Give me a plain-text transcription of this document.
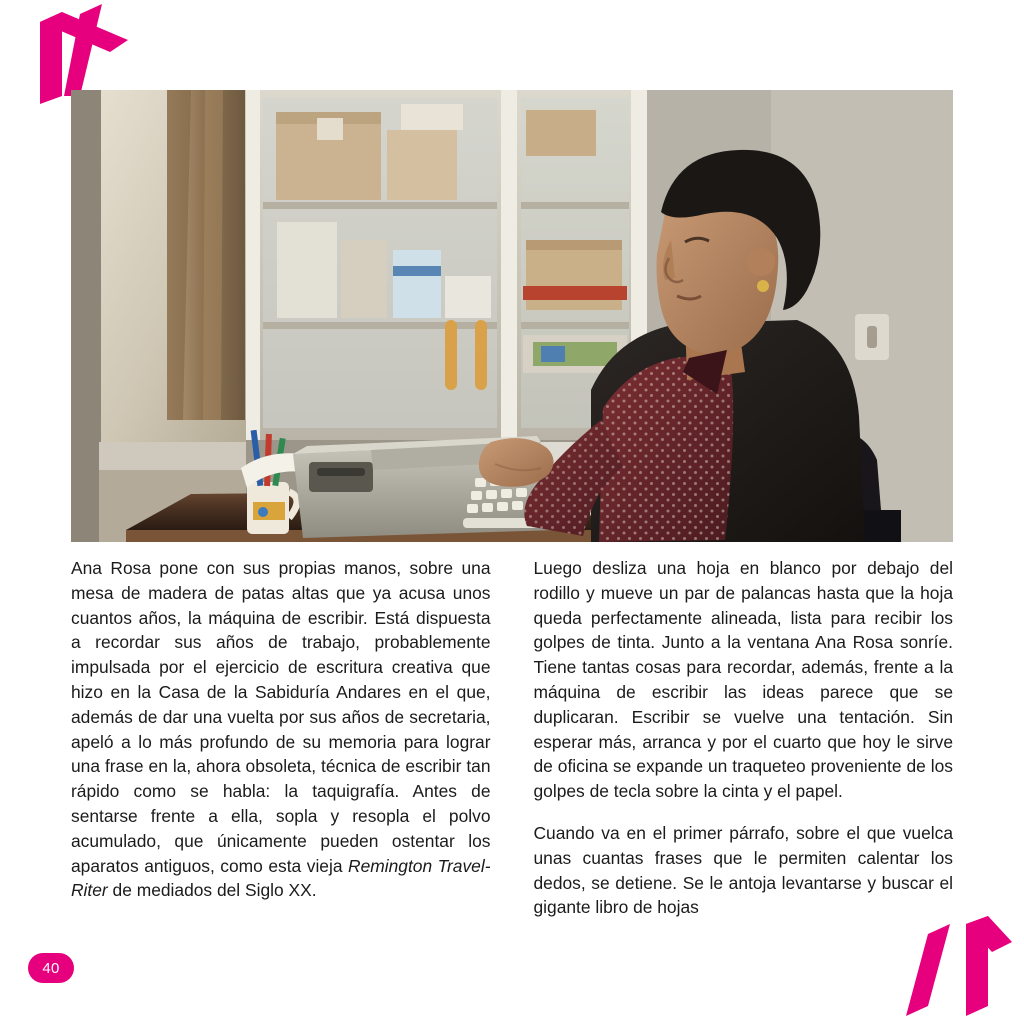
Ana Rosa pone con sus propias manos, sobre una mesa de madera de patas altas que ya acusa unos cuantos años, la máquina de escribir. Está dispuesta a recordar sus años de trabajo, probablemente impulsada por el ejercicio de escritura creativa que hizo en la Casa de la Sabiduría Andares en el que, además de dar una vuelta por sus años de secretaria, apeló a lo más profundo de su memoria para lograr una frase en la, ahora obsoleta, técnica de escribir tan rápido como se habla: la taquigrafía. Antes de sentarse frente a ella, sopla y resopla el polvo acumulado, que únicamente pueden ostentar los aparatos antiguos, como esta vieja Remington Travel-Riter de mediados del Siglo XX.

Luego desliza una hoja en blanco por debajo del rodillo y mueve un par de palancas hasta que la hoja queda perfectamente alineada, lista para recibir los golpes de tinta. Junto a la ventana Ana Rosa sonríe. Tiene tantas cosas para recordar, además, frente a la máquina de escribir las ideas parece que se duplicaran. Escribir se vuelve una tentación. Sin esperar más, arranca y por el cuarto que hoy le sirve de oficina se expande un traqueteo proveniente de los golpes de tecla sobre la cinta y el papel.

Cuando va en el primer párrafo, sobre el que vuelca unas cuantas frases que le permiten calentar los dedos, se detiene. Se le antoja levantarse y buscar el gigante libro de hojas

40
